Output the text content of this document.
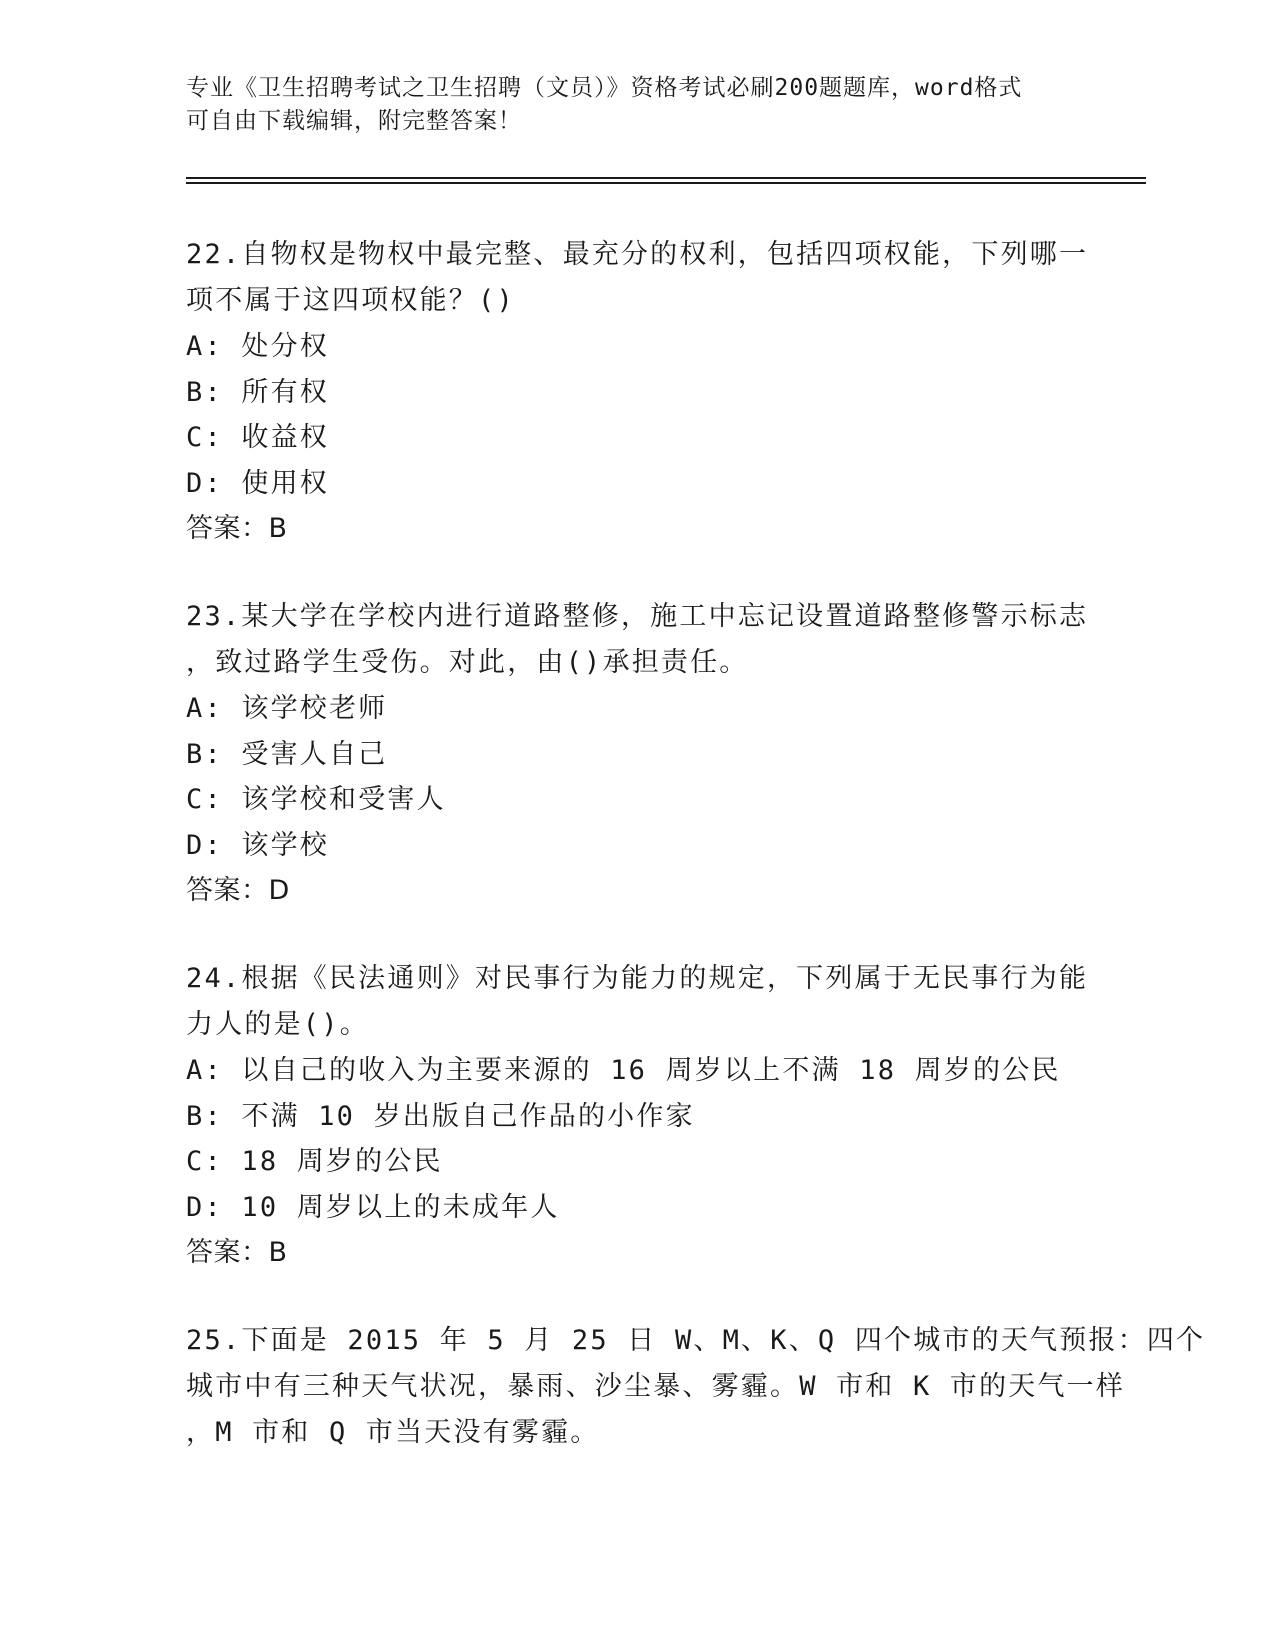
专业《卫生招聘考试之卫生招聘（文员）》资格考试必刷200题题库，word格式

可自由下载编辑，附完整答案！

22.自物权是物权中最完整、最充分的权利，包括四项权能，下列哪一

项不属于这四项权能？()

A: 处分权

B: 所有权

C: 收益权

D: 使用权

答案：B

23.某大学在学校内进行道路整修，施工中忘记设置道路整修警示标志

，致过路学生受伤。对此，由()承担责任。

A: 该学校老师

B: 受害人自己

C: 该学校和受害人

D: 该学校

答案：D

24.根据《民法通则》对民事行为能力的规定，下列属于无民事行为能

力人的是()。

A: 以自己的收入为主要来源的 16 周岁以上不满 18 周岁的公民

B: 不满 10 岁出版自己作品的小作家

C: 18 周岁的公民

D: 10 周岁以上的未成年人

答案：B

25.下面是 2015 年 5 月 25 日 W、M、K、Q 四个城市的天气预报：四个

城市中有三种天气状况，暴雨、沙尘暴、雾霾。W 市和 K 市的天气一样

，M 市和 Q 市当天没有雾霾。
